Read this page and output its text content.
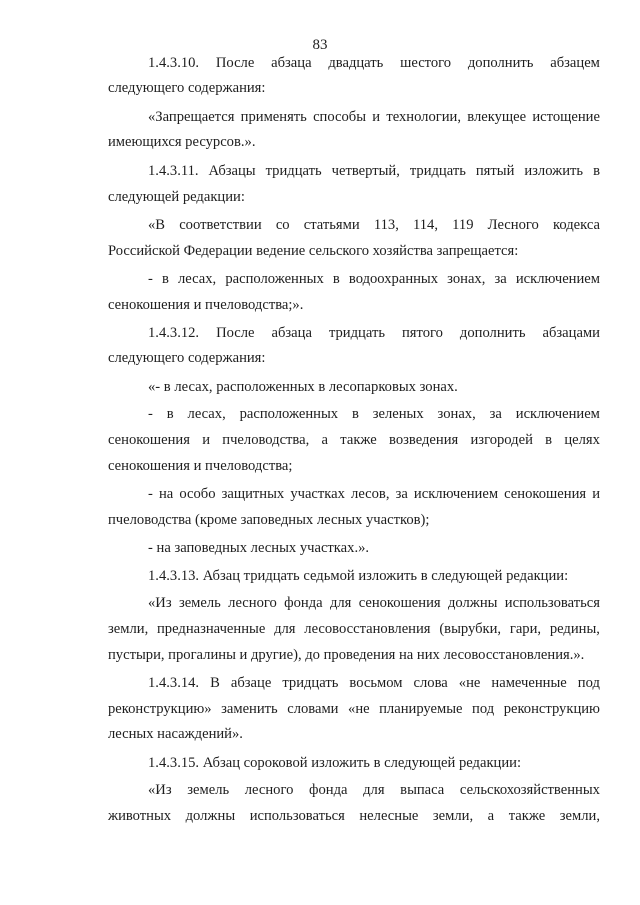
83
1.4.3.10. После абзаца двадцать шестого дополнить абзацем
следующего содержания:
«Запрещается применять способы и технологии, влекущее истощение
имеющихся ресурсов.».
1.4.3.11. Абзацы тридцать четвертый, тридцать пятый изложить в
следующей редакции:
«В соответствии со статьями 113, 114, 119 Лесного кодекса
Российской Федерации ведение сельского хозяйства запрещается:
- в лесах, расположенных в водоохранных зонах, за исключением
сенокошения и пчеловодства;».
1.4.3.12. После абзаца тридцать пятого дополнить абзацами
следующего содержания:
«- в лесах, расположенных в лесопарковых зонах.
- в лесах, расположенных в зеленых зонах, за исключением
сенокошения и пчеловодства, а также возведения изгородей в целях
сенокошения и пчеловодства;
- на особо защитных участках лесов, за исключением сенокошения и
пчеловодства (кроме заповедных лесных участков);
- на заповедных лесных участках.».
1.4.3.13. Абзац тридцать седьмой изложить в следующей редакции:
«Из земель лесного фонда для сенокошения должны использоваться
земли, предназначенные для лесовосстановления (вырубки, гари, редины,
пустыри, прогалины и другие), до проведения на них лесовосстановления.».
1.4.3.14. В абзаце тридцать восьмом слова «не намеченные под
реконструкцию» заменить словами «не планируемые под реконструкцию
лесных насаждений».
1.4.3.15. Абзац сороковой изложить в следующей редакции:
«Из земель лесного фонда для выпаса сельскохозяйственных
животных должны использоваться нелесные земли, а также земли,
